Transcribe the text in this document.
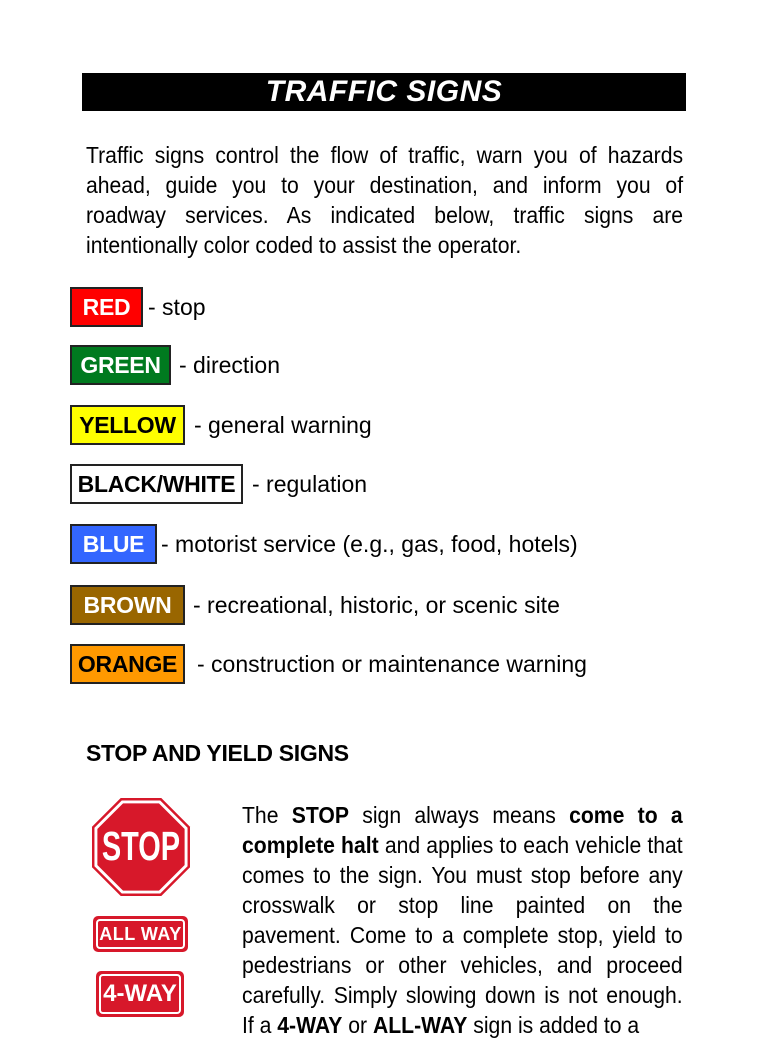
TRAFFIC SIGNS
Traffic signs control the flow of traffic, warn you of hazards ahead, guide you to your destination, and inform you of roadway services. As indicated below, traffic signs are intentionally color coded to assist the operator.
RED - stop
GREEN - direction
YELLOW - general warning
BLACK/WHITE - regulation
BLUE - motorist service (e.g., gas, food, hotels)
BROWN - recreational, historic, or scenic site
ORANGE - construction or maintenance warning
STOP AND YIELD SIGNS
STOP
ALL WAY
4-WAY
The STOP sign always means come to a complete halt and applies to each vehicle that comes to the sign. You must stop before any crosswalk or stop line painted on the pavement. Come to a complete stop, yield to pedestrians or other vehicles, and proceed carefully. Simply slowing down is not enough. If a 4-WAY or ALL-WAY sign is added to a
